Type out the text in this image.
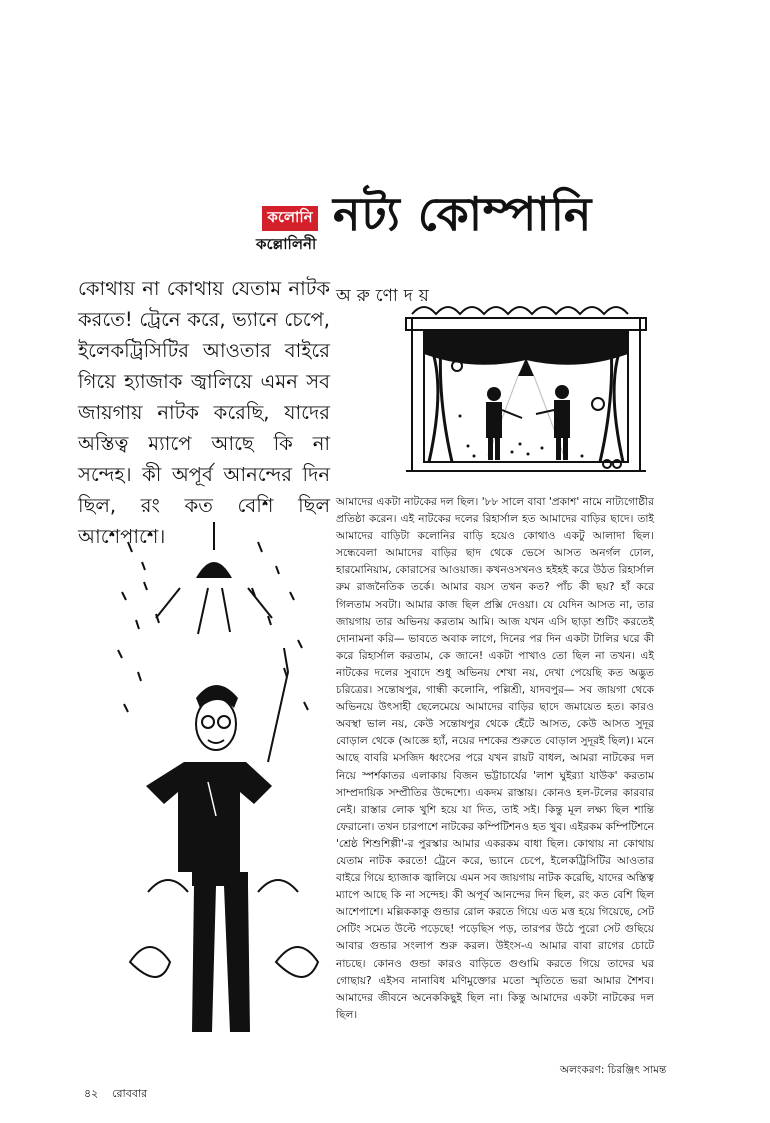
কলোনি
কল্লোলিনী
নট্য কোম্পানি

কোথায় না কোথায় যেতাম নাটক করতে! ট্রেনে করে, ভ্যানে চেপে, ইলেকট্রিসিটির আওতার বাইরে গিয়ে হ্যাজাক জ্বালিয়ে এমন সব জায়গায় নাটক করেছি, যাদের অস্তিত্ব ম্যাপে আছে কি না সন্দেহ। কী অপূর্ব আনন্দের দিন ছিল, রং কত বেশি ছিল আশেপাশে।

অরুণোদয়

আমাদের একটা নাটকের দল ছিল। '৮৮ সালে বাবা 'প্রকাশ' নামে নাট্যগোষ্ঠীর প্রতিষ্ঠা করেন। এই নাটকের দলের রিহার্সাল হত আমাদের বাড়ির ছাদে। তাই আমাদের বাড়িটা কলোনির বাড়ি হয়েও কোথাও একটু আলাদা ছিল। সন্ধেবেলা আমাদের বাড়ির ছাদ থেকে ভেসে আসত অনর্গল ঢোল, হারমোনিয়াম, কোরাসের আওয়াজ। কখনওসখনও হইহই করে উঠত রিহার্সাল রুম রাজনৈতিক তর্কে। আমার বয়স তখন কত? পাঁচ কী ছয়? হাঁ করে গিলতাম সবটা। আমার কাজ ছিল প্রক্সি দেওয়া। যে যেদিন আসত না, তার জায়গায় তার অভিনয় করতাম আমি। আজ যখন এসি ছাড়া শুটিং করতেই দোনামনা করি— ভাবতে অবাক লাগে, দিনের পর দিন একটা টালির ঘরে কী করে রিহার্সাল করতাম, কে জানে! একটা পাখাও তো ছিল না তখন। এই নাটকের দলের সুবাদে শুধু অভিনয় শেখা নয়, দেখা পেয়েছি কত অদ্ভুত চরিত্রের। সন্তোষপুর, গান্ধী কলোনি, পল্লিশ্রী, যাদবপুর— সব জায়গা থেকে অভিনয়ে উৎসাহী ছেলেমেয়ে আমাদের বাড়ির ছাদে জমায়েত হত। কারও অবস্থা ভাল নয়, কেউ সন্তোষপুর থেকে হেঁটে আসত, কেউ আসত সুদূর বোড়াল থেকে (আজ্ঞে হ্যাঁ, নয়ের দশকের শুরুতে বোড়াল সুদূরই ছিল)। মনে আছে বাবরি মসজিদ ধ্বংসের পরে যখন রায়ট বাধল, আমরা নাটকের দল নিয়ে স্পর্শকাতর এলাকায় বিজন ভট্টাচার্যের 'লাশ ঘুইর‍্যা যাউক' করতাম সাম্প্রদায়িক সম্প্রীতির উদ্দেশ্যে। একদম রাস্তায়। কোনও হল-টলের কারবার নেই। রাস্তার লোক খুশি হয়ে যা দিত, তাই সই। কিন্তু মূল লক্ষ্য ছিল শান্তি ফেরানো। তখন চারপাশে নাটকের কম্পিটিশনও হত খুব। এইরকম কম্পিটিশনে 'শ্রেষ্ঠ শিশুশিল্পী'-র পুরস্কার আমার একরকম বাধা ছিল। কোথায় না কোথায় যেতাম নাটক করতে! ট্রেনে করে, ভ্যানে চেপে, ইলেকট্রিসিটির আওতার বাইরে গিয়ে হ্যাজাক জ্বালিয়ে এমন সব জায়গায় নাটক করেছি, যাদের অস্তিত্ব ম্যাপে আছে কি না সন্দেহ। কী অপূর্ব আনন্দের দিন ছিল, রং কত বেশি ছিল আশেপাশে। মল্লিককাকু গুন্ডার রোল করতে গিয়ে এত মত্ত হয়ে গিয়েছে, সেট সেটিং সমেত উল্টে পড়েছে! পড়েছিস পড়, তারপর উঠে পুরো সেট গুছিয়ে আবার গুন্ডার সংলাপ শুরু করল। উইংস-এ আমার বাবা রাগের চোটে নাচছে। কোনও গুন্ডা কারও বাড়িতে গুণ্ডামি করতে গিয়ে তাদের ঘর গোছায়? এইসব নানাবিধ মণিমুক্তোর মতো স্মৃতিতে ভরা আমার শৈশব। আমাদের জীবনে অনেককিছুই ছিল না। কিন্তু আমাদের একটা নাটকের দল ছিল।

অলংকরণ: চিরঞ্জিৎ সামন্ত
৪২ রোববার
